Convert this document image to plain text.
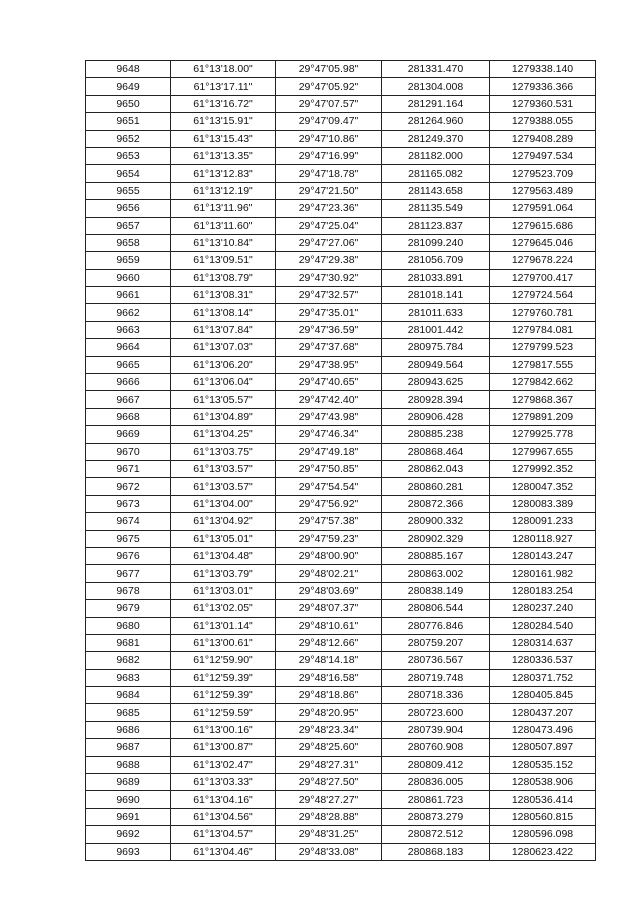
9648	61°13'18.00"	29°47'05.98"	281331.470	1279338.140
9649	61°13'17.11"	29°47'05.92"	281304.008	1279336.366
9650	61°13'16.72"	29°47'07.57"	281291.164	1279360.531
9651	61°13'15.91"	29°47'09.47"	281264.960	1279388.055
9652	61°13'15.43"	29°47'10.86"	281249.370	1279408.289
9653	61°13'13.35"	29°47'16.99"	281182.000	1279497.534
9654	61°13'12.83"	29°47'18.78"	281165.082	1279523.709
9655	61°13'12.19"	29°47'21.50"	281143.658	1279563.489
9656	61°13'11.96"	29°47'23.36"	281135.549	1279591.064
9657	61°13'11.60"	29°47'25.04"	281123.837	1279615.686
9658	61°13'10.84"	29°47'27.06"	281099.240	1279645.046
9659	61°13'09.51"	29°47'29.38"	281056.709	1279678.224
9660	61°13'08.79"	29°47'30.92"	281033.891	1279700.417
9661	61°13'08.31"	29°47'32.57"	281018.141	1279724.564
9662	61°13'08.14"	29°47'35.01"	281011.633	1279760.781
9663	61°13'07.84"	29°47'36.59"	281001.442	1279784.081
9664	61°13'07.03"	29°47'37.68"	280975.784	1279799.523
9665	61°13'06.20"	29°47'38.95"	280949.564	1279817.555
9666	61°13'06.04"	29°47'40.65"	280943.625	1279842.662
9667	61°13'05.57"	29°47'42.40"	280928.394	1279868.367
9668	61°13'04.89"	29°47'43.98"	280906.428	1279891.209
9669	61°13'04.25"	29°47'46.34"	280885.238	1279925.778
9670	61°13'03.75"	29°47'49.18"	280868.464	1279967.655
9671	61°13'03.57"	29°47'50.85"	280862.043	1279992.352
9672	61°13'03.57"	29°47'54.54"	280860.281	1280047.352
9673	61°13'04.00"	29°47'56.92"	280872.366	1280083.389
9674	61°13'04.92"	29°47'57.38"	280900.332	1280091.233
9675	61°13'05.01"	29°47'59.23"	280902.329	1280118.927
9676	61°13'04.48"	29°48'00.90"	280885.167	1280143.247
9677	61°13'03.79"	29°48'02.21"	280863.002	1280161.982
9678	61°13'03.01"	29°48'03.69"	280838.149	1280183.254
9679	61°13'02.05"	29°48'07.37"	280806.544	1280237.240
9680	61°13'01.14"	29°48'10.61"	280776.846	1280284.540
9681	61°13'00.61"	29°48'12.66"	280759.207	1280314.637
9682	61°12'59.90"	29°48'14.18"	280736.567	1280336.537
9683	61°12'59.39"	29°48'16.58"	280719.748	1280371.752
9684	61°12'59.39"	29°48'18.86"	280718.336	1280405.845
9685	61°12'59.59"	29°48'20.95"	280723.600	1280437.207
9686	61°13'00.16"	29°48'23.34"	280739.904	1280473.496
9687	61°13'00.87"	29°48'25.60"	280760.908	1280507.897
9688	61°13'02.47"	29°48'27.31"	280809.412	1280535.152
9689	61°13'03.33"	29°48'27.50"	280836.005	1280538.906
9690	61°13'04.16"	29°48'27.27"	280861.723	1280536.414
9691	61°13'04.56"	29°48'28.88"	280873.279	1280560.815
9692	61°13'04.57"	29°48'31.25"	280872.512	1280596.098
9693	61°13'04.46"	29°48'33.08"	280868.183	1280623.422
